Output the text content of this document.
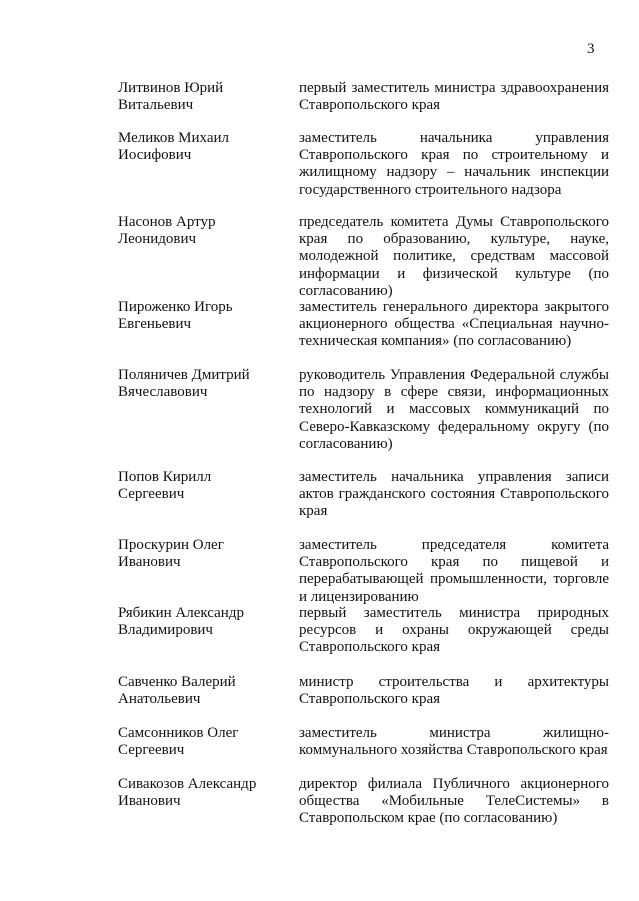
3
Литвинов Юрий
Витальевич
первый заместитель министра здравоохранения Ставропольского края
Меликов Михаил
Иосифович
заместитель начальника управления Ставропольского края по строительному и жилищному надзору – начальник инспекции государственного строительного надзора
Насонов Артур
Леонидович
председатель комитета Думы Ставропольского края по образованию, культуре, науке, молодежной политике, средствам массовой информации и физической культуре (по согласованию)
Пироженко Игорь
Евгеньевич
заместитель генерального директора закрытого акционерного общества «Специальная научно-техническая компания» (по согласованию)
Поляничев Дмитрий
Вячеславович
руководитель Управления Федеральной службы по надзору в сфере связи, информационных технологий и массовых коммуникаций по Северо-Кавказскому федеральному округу (по согласованию)
Попов Кирилл
Сергеевич
заместитель начальника управления записи актов гражданского состояния Ставропольского края
Проскурин Олег
Иванович
заместитель председателя комитета Ставропольского края по пищевой и перерабатывающей промышленности, торговле и лицензированию
Рябикин Александр
Владимирович
первый заместитель министра природных ресурсов и охраны окружающей среды Ставропольского края
Савченко Валерий
Анатольевич
министр строительства и архитектуры Ставропольского края
Самсонников Олег
Сергеевич
заместитель министра жилищно-коммунального хозяйства Ставропольского края
Сивакозов Александр
Иванович
директор филиала Публичного акционерного общества «Мобильные ТелеСистемы» в Ставропольском крае (по согласованию)
